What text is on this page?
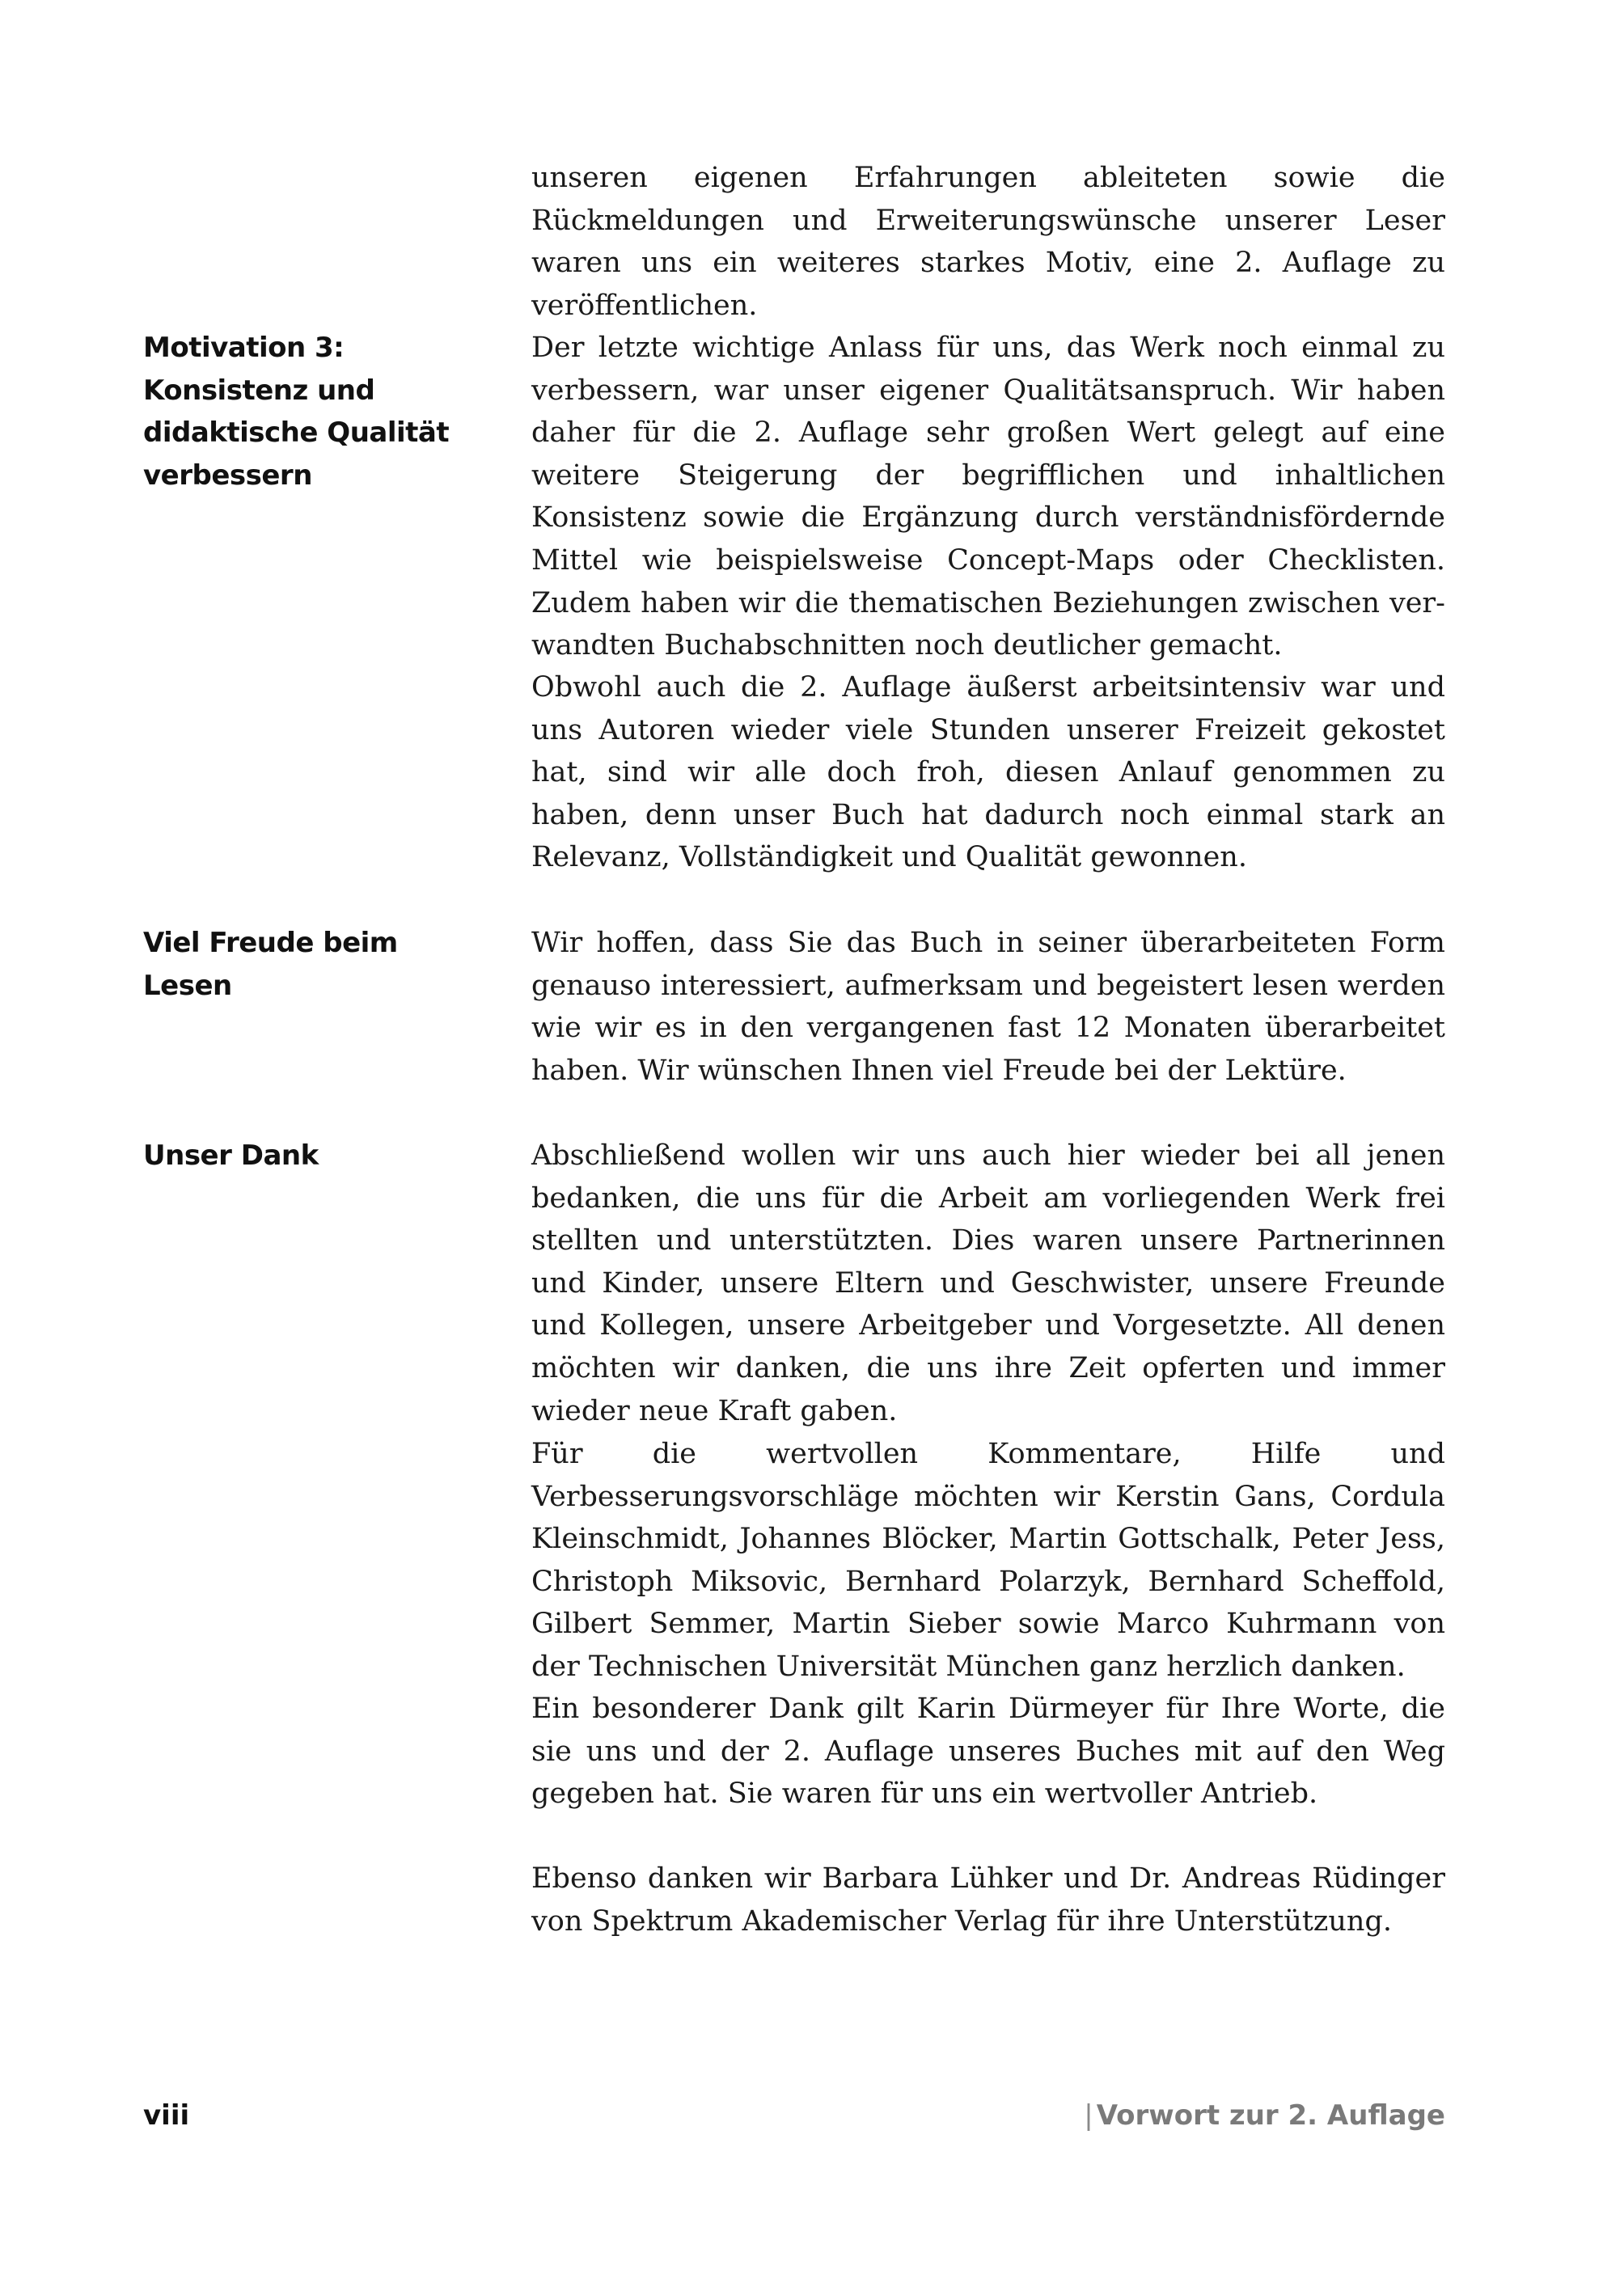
unseren eigenen Erfahrungen ableiteten sowie die Rückmeldungen und Erweiterungswünsche unserer Leser waren uns ein weiteres starkes Motiv, eine 2. Auflage zu veröffentlichen.

Motivation 3: Konsistenz und didaktische Qualität verbessern

Der letzte wichtige Anlass für uns, das Werk noch einmal zu verbessern, war unser eigener Qualitätsanspruch. Wir haben daher für die 2. Auflage sehr großen Wert gelegt auf eine weitere Steigerung der begrifflichen und inhaltlichen Konsistenz sowie die Ergänzung durch verständnisfördernde Mittel wie beispielsweise Concept-Maps oder Checklisten. Zudem haben wir die thematischen Beziehungen zwischen verwandten Buchabschnitten noch deutlicher gemacht.

Obwohl auch die 2. Auflage äußerst arbeitsintensiv war und uns Autoren wieder viele Stunden unserer Freizeit gekostet hat, sind wir alle doch froh, diesen Anlauf genommen zu haben, denn unser Buch hat dadurch noch einmal stark an Relevanz, Vollständigkeit und Qualität gewonnen.

Viel Freude beim Lesen

Wir hoffen, dass Sie das Buch in seiner überarbeiteten Form genauso interessiert, aufmerksam und begeistert lesen werden wie wir es in den vergangenen fast 12 Monaten überarbeitet haben. Wir wünschen Ihnen viel Freude bei der Lektüre.

Unser Dank	Abschließend wollen wir uns auch hier wieder bei all jenen bedanken, die uns für die Arbeit am vorliegenden Werk frei stellten und unterstützten. Dies waren unsere Partnerinnen und Kinder, unsere Eltern und Geschwister, unsere Freunde und Kollegen, unsere Arbeitgeber und Vorgesetzte. All denen möchten wir danken, die uns ihre Zeit opferten und immer wieder neue Kraft gaben.

Für die wertvollen Kommentare, Hilfe und Verbesserungsvorschläge möchten wir Kerstin Gans, Cordula Kleinschmidt, Johannes Blöcker, Martin Gottschalk, Peter Jess, Christoph Miksovic, Bernhard Polarzyk, Bernhard Scheffold, Gilbert Semmer, Martin Sieber sowie Marco Kuhrmann von der Technischen Universität München ganz herzlich danken.

Ein besonderer Dank gilt Karin Dürmeyer für Ihre Worte, die sie uns und der 2. Auflage unseres Buches mit auf den Weg gegeben hat. Sie waren für uns ein wertvoller Antrieb.

Ebenso danken wir Barbara Lühker und Dr. Andreas Rüdinger von Spektrum Akademischer Verlag für ihre Unterstützung.

viii	| Vorwort zur 2. Auflage
